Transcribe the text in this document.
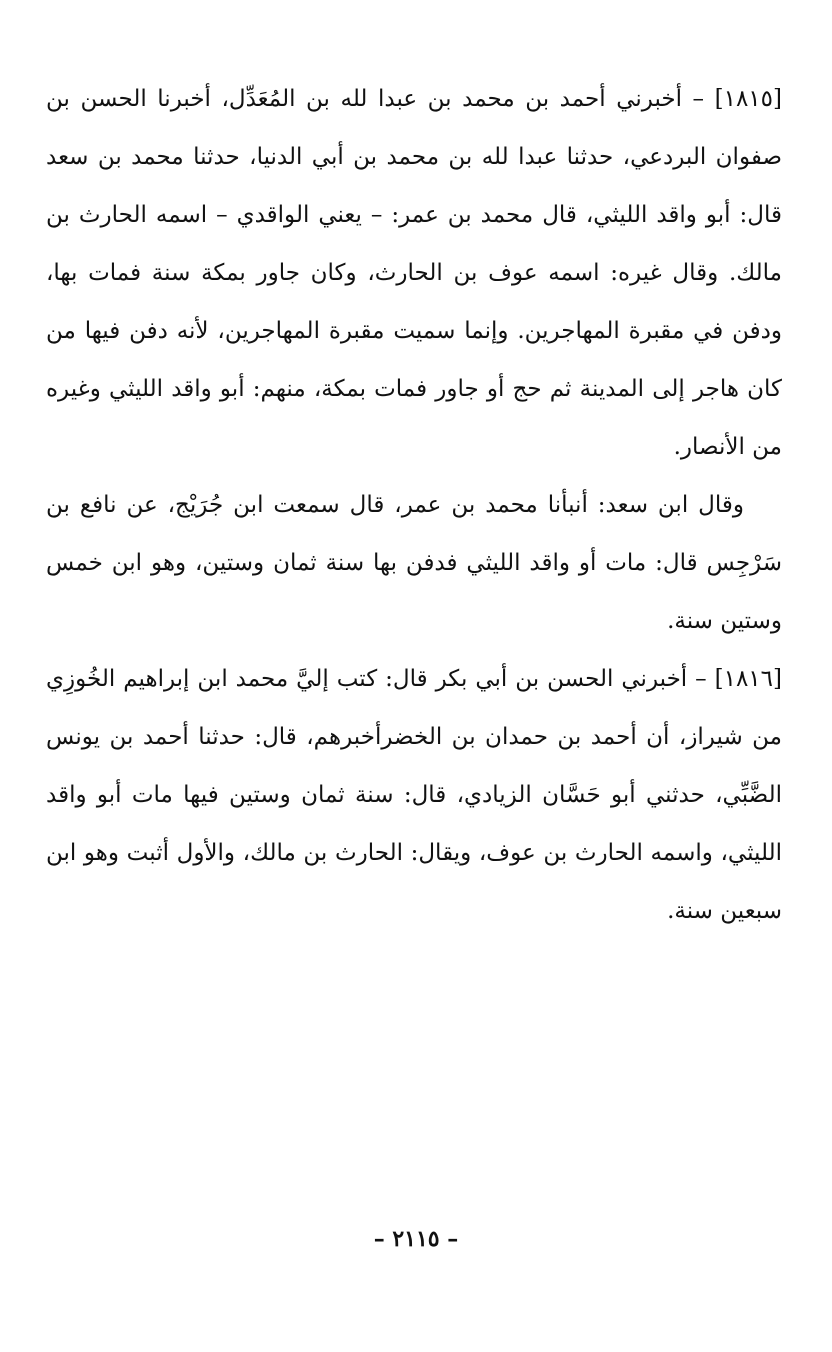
[١٨١٥] – أخبرني أحمد بن محمد بن عبدا لله بن المُعَدِّل، أخبرنا الحسن بن صفوان البردعي، حدثنا عبدا لله بن محمد بن أبي الدنيا، حدثنا محمد بن سعد قال: أبو واقد الليثي، قال محمد بن عمر: – يعني الواقدي – اسمه الحارث بن مالك. وقال غيره: اسمه عوف بن الحارث، وكان جاور بمكة سنة فمات بها، ودفن في مقبرة المهاجرين. وإنما سميت مقبرة المهاجرين، لأنه دفن فيها من كان هاجر إلى المدينة ثم حج أو جاور فمات بمكة، منهم: أبو واقد الليثي وغيره من الأنصار.

وقال ابن سعد: أنبأنا محمد بن عمر، قال سمعت ابن جُرَيْج، عن نافع بن سَرْجِس قال: مات أو واقد الليثي فدفن بها سنة ثمان وستين، وهو ابن خمس وستين سنة.

[١٨١٦] – أخبرني الحسن بن أبي بكر قال: كتب إليَّ محمد ابن إبراهيم الخُوزِي من شيراز، أن أحمد بن حمدان بن الخضرأخبرهم، قال: حدثنا أحمد بن يونس الضَّبِّي، حدثني أبو حَسَّان الزيادي، قال: سنة ثمان وستين فيها مات أبو واقد الليثي، واسمه الحارث بن عوف، ويقال: الحارث بن مالك، والأول أثبت وهو ابن سبعين سنة.

– ٢١١٥ –
